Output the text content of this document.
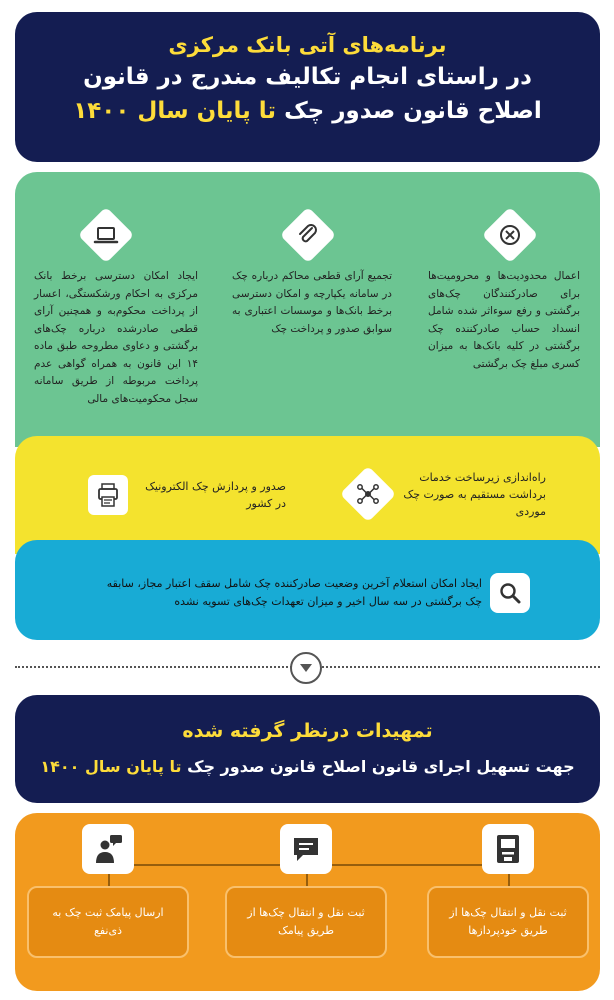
برنامه‌های آتی بانک مرکزی
در راستای انجام تکالیف مندرج در قانون
اصلاح قانون صدور چک تا پایان سال ۱۴۰۰
اعمال محدودیت‌ها و محرومیت‌ها برای صادرکنندگان چک‌های برگشتی و رفع سوءاثر شده شامل انسداد حساب صادرکننده چک برگشتی در کلیه بانک‌ها به میزان کسری مبلغ چک برگشتی
تجمیع آرای قطعی محاکم درباره چک در سامانه یکپارچه و امکان دسترسی برخط بانک‌ها و موسسات اعتباری به سوابق صدور و پرداخت چک
ایجاد امکان دسترسی برخط بانک مرکزی به احکام ورشکستگی، اعسار از پرداخت محکوم‌به و همچنین آرای قطعی صادرشده درباره چک‌های برگشتی و دعاوی مطروحه طبق ماده ۱۴ این قانون به همراه گواهی عدم پرداخت مربوطه از طریق سامانه سجل محکومیت‌های مالی
راه‌اندازی زیرساخت خدمات برداشت مستقیم به صورت چک موردی
صدور و پردازش چک الکترونیک در کشور
ایجاد امکان استعلام آخرین وضعیت صادرکننده چک شامل سقف اعتبار مجاز، سابقه چک برگشتی در سه سال اخیر و میزان تعهدات چک‌های تسویه نشده
تمهیدات درنظر گرفته شده
جهت تسهیل اجرای قانون اصلاح قانون صدور چک تا پایان سال ۱۴۰۰
ثبت نقل و انتقال چک‌ها از طریق خودپردازها
ثبت نقل و انتقال چک‌ها از طریق پیامک
ارسال پیامک ثبت چک به ذی‌نفع
